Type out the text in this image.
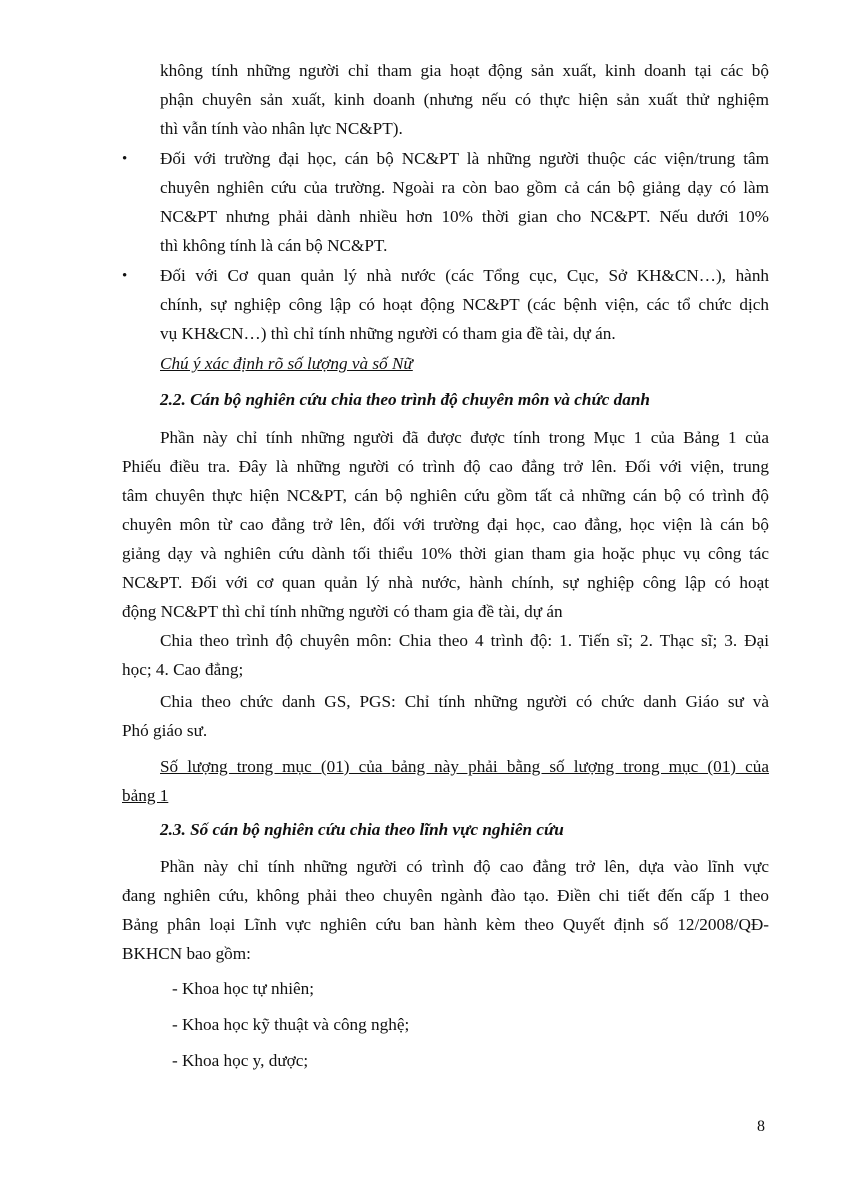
không tính những người chỉ tham gia hoạt động sản xuất, kinh doanh tại các bộ
phận chuyên sản xuất, kinh doanh (nhưng nếu có thực hiện sản xuất thử nghiệm
thì vẫn tính vào nhân lực NC&PT).
• Đối với trường đại học, cán bộ NC&PT là những người thuộc các viện/trung tâm
chuyên nghiên cứu của trường. Ngoài ra còn bao gồm cả cán bộ giảng dạy có làm
NC&PT nhưng phải dành nhiều hơn 10% thời gian cho NC&PT. Nếu dưới 10%
thì không tính là cán bộ NC&PT.
• Đối với Cơ quan quản lý nhà nước (các Tổng cục, Cục, Sở KH&CN…), hành
chính, sự nghiệp công lập có hoạt động NC&PT (các bệnh viện, các tổ chức dịch
vụ KH&CN…) thì chỉ tính những người có tham gia đề tài, dự án.
Chú ý xác định rõ số lượng và số Nữ
2.2. Cán bộ nghiên cứu chia theo trình độ chuyên môn và chức danh
Phần này chỉ tính những người đã được được tính trong Mục 1 của Bảng 1 của
Phiếu điều tra. Đây là những người có trình độ cao đẳng trở lên. Đối với viện, trung
tâm chuyên thực hiện NC&PT, cán bộ nghiên cứu gồm tất cả những cán bộ có trình độ
chuyên môn từ cao đẳng trở lên, đối với trường đại học, cao đẳng, học viện là cán bộ
giảng dạy và nghiên cứu dành tối thiểu 10% thời gian tham gia hoặc phục vụ công tác
NC&PT. Đối với cơ quan quản lý nhà nước, hành chính, sự nghiệp công lập có hoạt
động NC&PT thì chỉ tính những người có tham gia đề tài, dự án
Chia theo trình độ chuyên môn: Chia theo 4 trình độ: 1. Tiến sĩ; 2. Thạc sĩ; 3. Đại
học; 4. Cao đẳng;
Chia theo chức danh GS, PGS: Chỉ tính những người có chức danh Giáo sư và
Phó giáo sư.
Số lượng trong mục (01) của bảng này phải bằng số lượng trong mục (01) của
bảng 1
2.3. Số cán bộ nghiên cứu chia theo lĩnh vực nghiên cứu
Phần này chỉ tính những người có trình độ cao đẳng trở lên, dựa vào lĩnh vực
đang nghiên cứu, không phải theo chuyên ngành đào tạo. Điền chi tiết đến cấp 1 theo
Bảng phân loại Lĩnh vực nghiên cứu ban hành kèm theo Quyết định số 12/2008/QĐ-
BKHCN bao gồm:
- Khoa học tự nhiên;
- Khoa học kỹ thuật và công nghệ;
- Khoa học y, dược;
8
